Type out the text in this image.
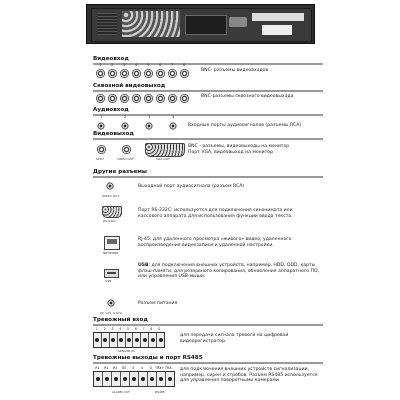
Видеовход
1	2	3	4	5	6	7	8
BNC- разъемы видеовходов
Сквозной видеовыход
BNC-разъемы сквозного видеовыхода
Аудиовход
1	2	3	4
Входные порты аудиосигналов (разъемы RCA)
Видеовыход
SPOT	VIDEO OUT	VGA OUT
BNC - разъемы, видеовыходы на монитор
Порт VGA, видеовыход на монитор
Другие разъемы
AUDIO OUT
Выходной порт аудиосигнала (разъем RCA)
RS-232C
Порт RS-232C: используется для подключения синонимата или кассового аппарата для использования функции ввода текста.
NETWORK
RJ-45: для удаленного просмотра «живого» видео, удаленного воспроизведения видеозаписи и удаленной настройки.
USB
USB: для подключения внешних устройств, например, HDD, ODD, карты флэш-памяти, для резервного копирования, обновления аппаратного ПО, или управления USB-мыши.
DC 12V, 6.67A
Разъем питания
Тревожный вход
1	2	3	4	5	6	7	8	G
SENSOR IN
для передачи сигнала тревоги на цифровой видеорегистратор.
Тревожные выходы и порт RS485
R1	R1	R2	R2	3	4	G	TRX+ TRX-
ALARM OUT	RS485
для подключения внешних устройств сигнализации, например, сирен и стробов. Разъем RS485 используется для управления поворотными камерами
